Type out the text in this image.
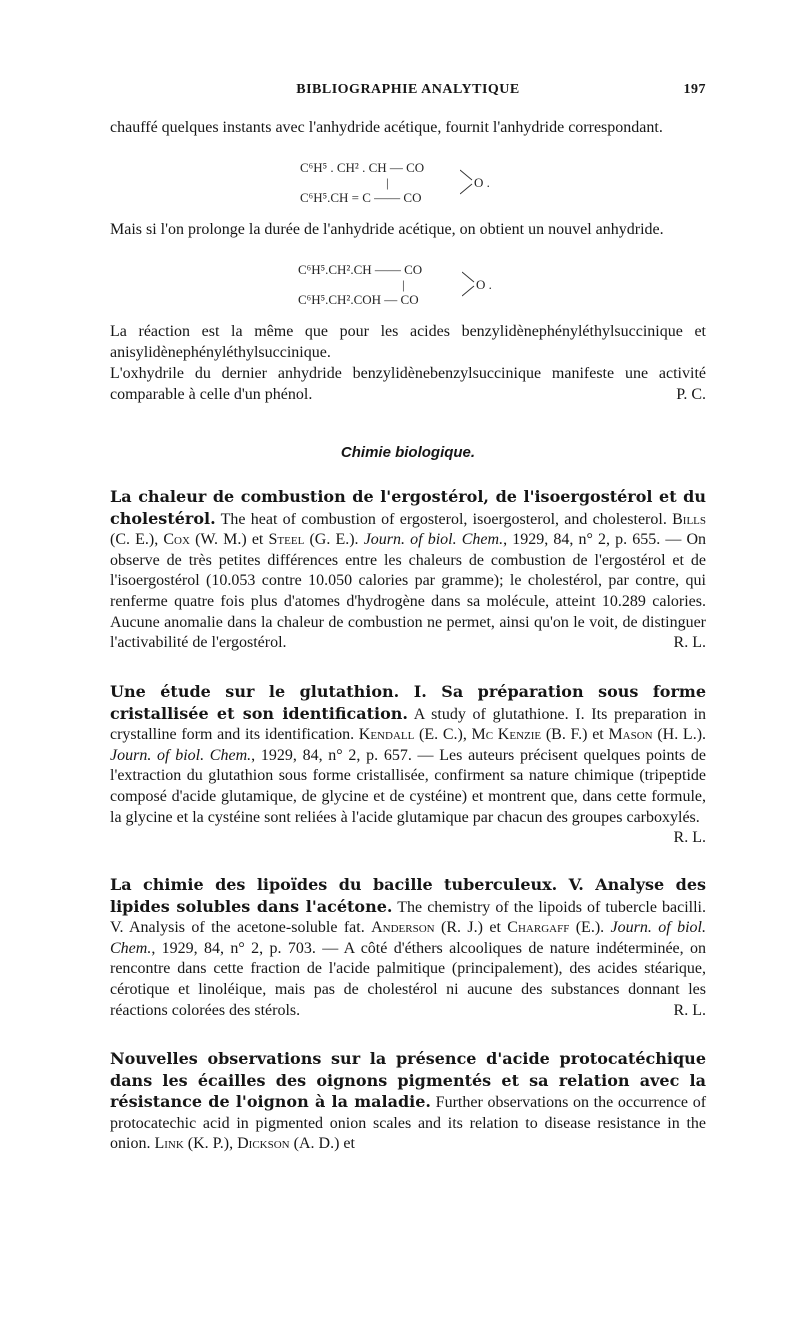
BIBLIOGRAPHIE ANALYTIQUE	197

chauffé quelques instants avec l'anhydride acétique, fournit l'anhydride correspondant.

C⁶H⁵ . CH² . CH — CO
|
C⁶H⁵.CH = C —— CO
O .

Mais si l'on prolonge la durée de l'anhydride acétique, on obtient un nouvel anhydride.

C⁶H⁵.CH².CH —— CO
|
C⁶H⁵.CH².COH — CO
O .

La réaction est la même que pour les acides benzylidènephényléthylsuccinique et anisylidènephényléthylsuccinique.

L'oxhydrile du dernier anhydride benzylidènebenzylsuccinique manifeste une activité comparable à celle d'un phénol.	P. C.

Chimie biologique.

La chaleur de combustion de l'ergostérol, de l'isoergostérol et du cholestérol. The heat of combustion of ergosterol, isoergosterol, and cholesterol. Bills (C. E.), Cox (W. M.) et Steel (G. E.). Journ. of biol. Chem., 1929, 84, n° 2, p. 655. — On observe de très petites différences entre les chaleurs de combustion de l'ergostérol et de l'isoergostérol (10.053 contre 10.050 calories par gramme); le cholestérol, par contre, qui renferme quatre fois plus d'atomes d'hydrogène dans sa molécule, atteint 10.289 calories. Aucune anomalie dans la chaleur de combustion ne permet, ainsi qu'on le voit, de distinguer l'activabilité de l'ergostérol.	R. L.

Une étude sur le glutathion. I. Sa préparation sous forme cristallisée et son identification. A study of glutathione. I. Its preparation in crystalline form and its identification. Kendall (E. C.), Mc Kenzie (B. F.) et Mason (H. L.). Journ. of biol. Chem., 1929, 84, n° 2, p. 657. — Les auteurs précisent quelques points de l'extraction du glutathion sous forme cristallisée, confirment sa nature chimique (tripeptide composé d'acide glutamique, de glycine et de cystéine) et montrent que, dans cette formule, la glycine et la cystéine sont reliées à l'acide glutamique par chacun des groupes carboxylés.
R. L.

La chimie des lipoïdes du bacille tuberculeux. V. Analyse des lipides solubles dans l'acétone. The chemistry of the lipoids of tubercle bacilli. V. Analysis of the acetone-soluble fat. Anderson (R. J.) et Chargaff (E.). Journ. of biol. Chem., 1929, 84, n° 2, p. 703. — A côté d'éthers alcooliques de nature indéterminée, on rencontre dans cette fraction de l'acide palmitique (principalement), des acides stéarique, cérotique et linoléique, mais pas de cholestérol ni aucune des substances donnant les réactions colorées des stérols.	R. L.

Nouvelles observations sur la présence d'acide protocatéchique dans les écailles des oignons pigmentés et sa relation avec la résistance de l'oignon à la maladie. Further observations on the occurrence of protocatechic acid in pigmented onion scales and its relation to disease resistance in the onion. Link (K. P.), Dickson (A. D.) et
